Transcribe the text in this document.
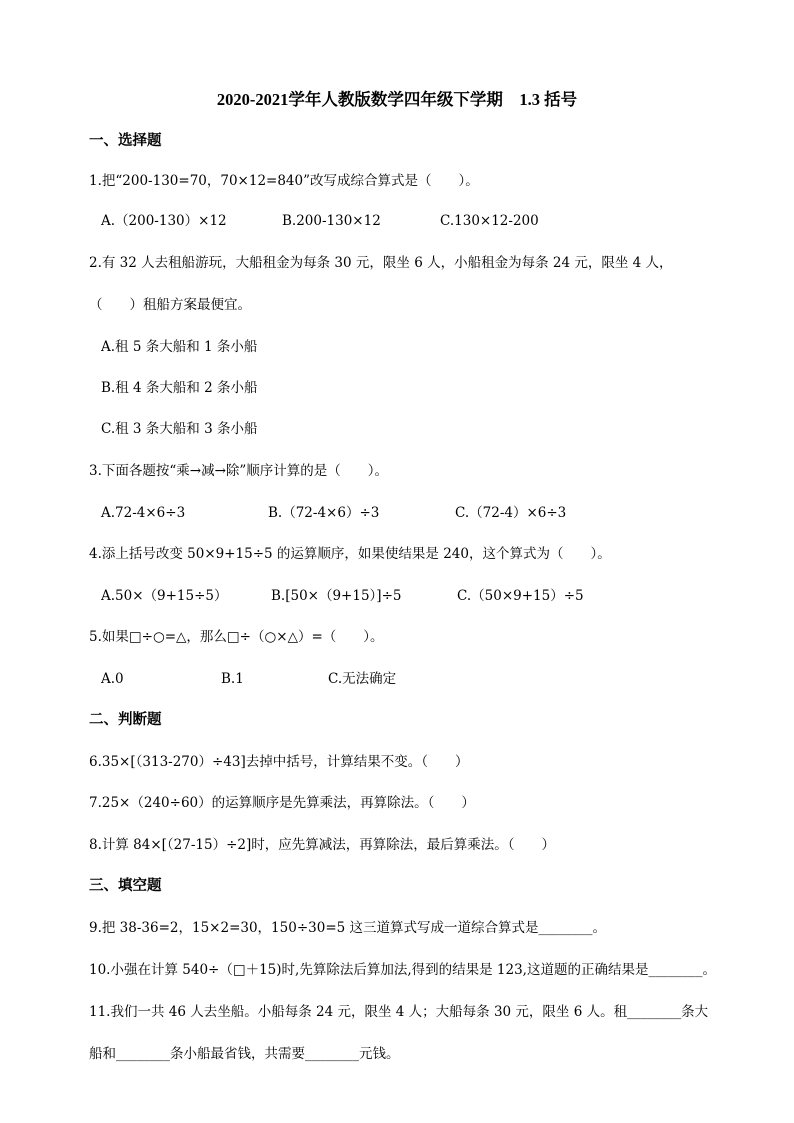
2020-2021学年人教版数学四年级下学期　1.3 括号
一、选择题
1.把“200-130=70，70×12=840”改写成综合算式是（　　）。
A.（200-130）×12	B.200-130×12	C.130×12-200
2.有 32 人去租船游玩，大船租金为每条 30 元，限坐 6 人，小船租金为每条 24 元，限坐 4 人，
（　　）租船方案最便宜。
A.租 5 条大船和 1 条小船
B.租 4 条大船和 2 条小船
C.租 3 条大船和 3 条小船
3.下面各题按“乘→减→除”顺序计算的是（　　）。
A.72-4×6÷3	B.（72-4×6）÷3	C.（72-4）×6÷3
4.添上括号改变 50×9+15÷5 的运算顺序，如果使结果是 240，这个算式为（　　）。
A.50×（9+15÷5）	B.[50×（9+15）]÷5	C.（50×9+15）÷5
5.如果□÷○=△，那么□÷（○×△）=（　　）。
A.0	B.1	C.无法确定
二、判断题
6.35×[（313-270）÷43]去掉中括号，计算结果不变。（　　）
7.25×（240÷60）的运算顺序是先算乘法，再算除法。（　　）
8.计算 84×[（27-15）÷2]时，应先算减法，再算除法，最后算乘法。（　　）
三、填空题
9.把 38-36=2，15×2=30，150÷30=5 这三道算式写成一道综合算式是________。
10.小强在计算 540÷（□＋15)时,先算除法后算加法,得到的结果是 123,这道题的正确结果是________。
11.我们一共 46 人去坐船。小船每条 24 元，限坐 4 人；大船每条 30 元，限坐 6 人。租________条大
船和________条小船最省钱，共需要________元钱。
